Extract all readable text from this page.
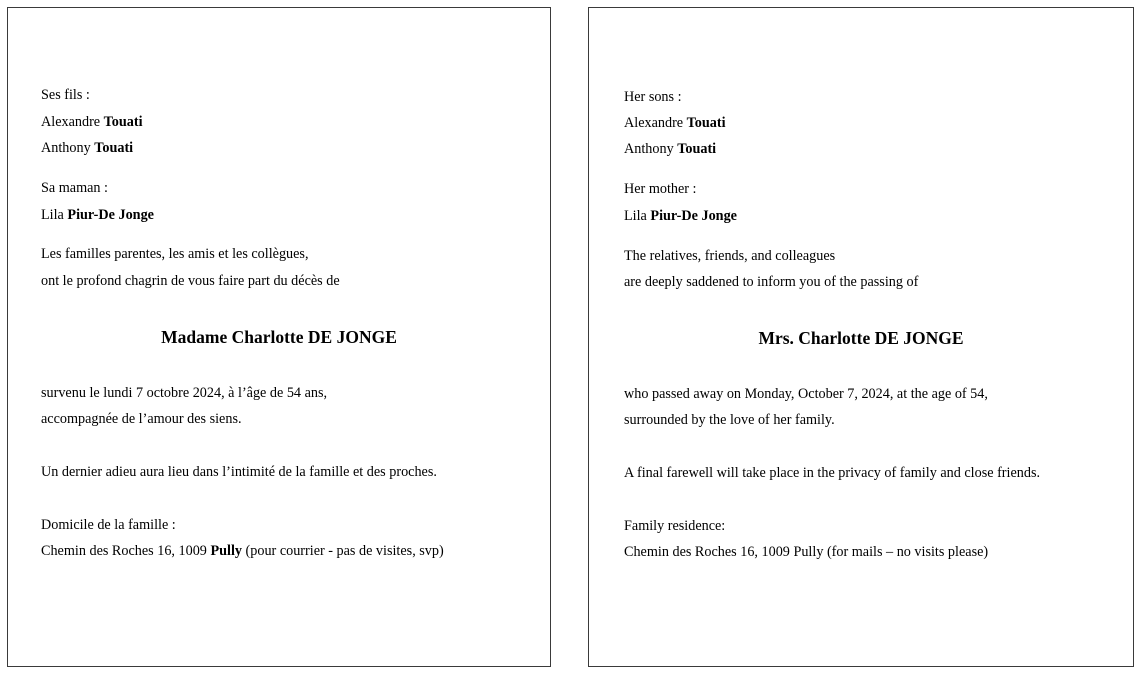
Ses fils :
Alexandre Touati
Anthony Touati
Sa maman :
Lila Piur-De Jonge
Les familles parentes, les amis et les collègues,
ont le profond chagrin de vous faire part du décès de
Madame Charlotte DE JONGE
survenu le lundi 7 octobre 2024, à l’âge de 54 ans,
accompagnée de l’amour des siens.
Un dernier adieu aura lieu dans l’intimité de la famille et des proches.
Domicile de la famille :
Chemin des Roches 16, 1009 Pully (pour courrier - pas de visites, svp)
Her sons :
Alexandre Touati
Anthony Touati
Her mother :
Lila Piur-De Jonge
The relatives, friends, and colleagues
are deeply saddened to inform you of the passing of
Mrs. Charlotte DE JONGE
who passed away on Monday, October 7, 2024, at the age of 54,
surrounded by the love of her family.
A final farewell will take place in the privacy of family and close friends.
Family residence:
Chemin des Roches 16, 1009 Pully (for mails – no visits please)
